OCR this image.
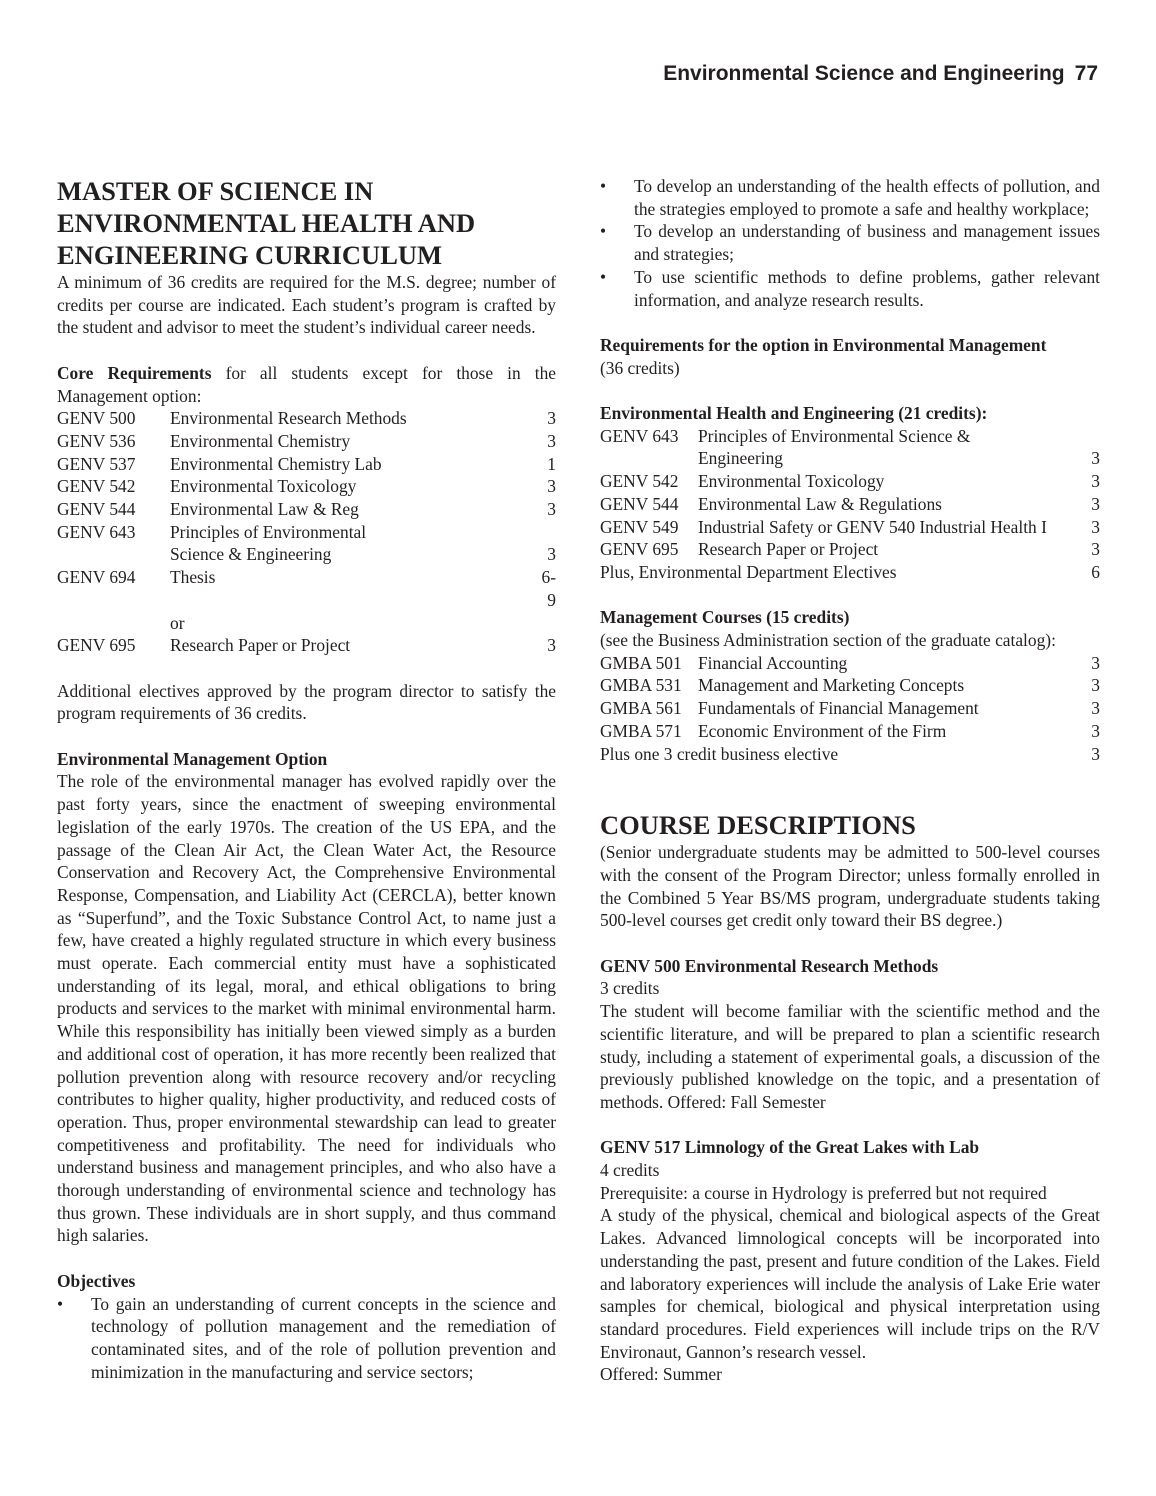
Environmental Science and Engineering 77
MASTER OF SCIENCE IN
ENVIRONMENTAL HEALTH AND
ENGINEERING CURRICULUM

A minimum of 36 credits are required for the M.S. degree; number of credits per course are indicated. Each student’s program is crafted by the student and advisor to meet the student’s individual career needs.

Core Requirements for all students except for those in the Management option:

GENV 500	Environmental Research Methods	3
GENV 536	Environmental Chemistry	3
GENV 537	Environmental Chemistry Lab	1
GENV 542	Environmental Toxicology	3
GENV 544	Environmental Law & Reg	3
GENV 643	Principles of Environmental
Science & Engineering	3
GENV 694	Thesis	6-9
or
GENV 695	Research Paper or Project	3

Additional electives approved by the program director to satisfy the program requirements of 36 credits.

Environmental Management Option

The role of the environmental manager has evolved rapidly over the past forty years, since the enactment of sweeping environmental legislation of the early 1970s. The creation of the US EPA, and the passage of the Clean Air Act, the Clean Water Act, the Resource Conservation and Recovery Act, the Comprehensive Environmental Response, Compensation, and Liability Act (CERCLA), better known as “Superfund”, and the Toxic Substance Control Act, to name just a few, have created a highly regulated structure in which every business must operate. Each commercial entity must have a sophisticated understanding of its legal, moral, and ethical obligations to bring products and services to the market with minimal environmental harm. While this responsibility has initially been viewed simply as a burden and additional cost of operation, it has more recently been realized that pollution prevention along with resource recovery and/or recycling contributes to higher quality, higher productivity, and reduced costs of operation. Thus, proper environmental stewardship can lead to greater competitiveness and profitability. The need for individuals who understand business and management principles, and who also have a thorough understanding of environmental science and technology has thus grown. These individuals are in short supply, and thus command high salaries.

Objectives
• To gain an understanding of current concepts in the science and technology of pollution management and the remediation of contaminated sites, and of the role of pollution prevention and minimization in the manufacturing and service sectors;
• To develop an understanding of the health effects of pollution, and the strategies employed to promote a safe and healthy workplace;
• To develop an understanding of business and management issues and strategies;
• To use scientific methods to define problems, gather relevant information, and analyze research results.
Requirements for the option in Environmental Management
(36 credits)
Environmental Health and Engineering (21 credits):
GENV 643	Principles of Environmental Science &
Engineering	3
GENV 542	Environmental Toxicology	3
GENV 544	Environmental Law & Regulations	3
GENV 549	Industrial Safety or GENV 540 Industrial Health I	3
GENV 695	Research Paper or Project	3
Plus, Environmental Department Electives	6
Management Courses (15 credits)
(see the Business Administration section of the graduate catalog):
GMBA 501 Financial Accounting	3
GMBA 531 Management and Marketing Concepts	3
GMBA 561 Fundamentals of Financial Management	3
GMBA 571 Economic Environment of the Firm	3
Plus one 3 credit business elective	3
COURSE DESCRIPTIONS

(Senior undergraduate students may be admitted to 500-level courses with the consent of the Program Director; unless formally enrolled in the Combined 5 Year BS/MS program, undergraduate students taking 500-level courses get credit only toward their BS degree.)

GENV 500 Environmental Research Methods
3 credits

The student will become familiar with the scientific method and the scientific literature, and will be prepared to plan a scientific research study, including a statement of experimental goals, a discussion of the previously published knowledge on the topic, and a presentation of methods. Offered: Fall Semester

GENV 517 Limnology of the Great Lakes with Lab
4 credits
Prerequisite: a course in Hydrology is preferred but not required

A study of the physical, chemical and biological aspects of the Great Lakes. Advanced limnological concepts will be incorporated into understanding the past, present and future condition of the Lakes. Field and laboratory experiences will include the analysis of Lake Erie water samples for chemical, biological and physical interpretation using standard procedures. Field experiences will include trips on the R/V Environaut, Gannon’s research vessel.

Offered: Summer
